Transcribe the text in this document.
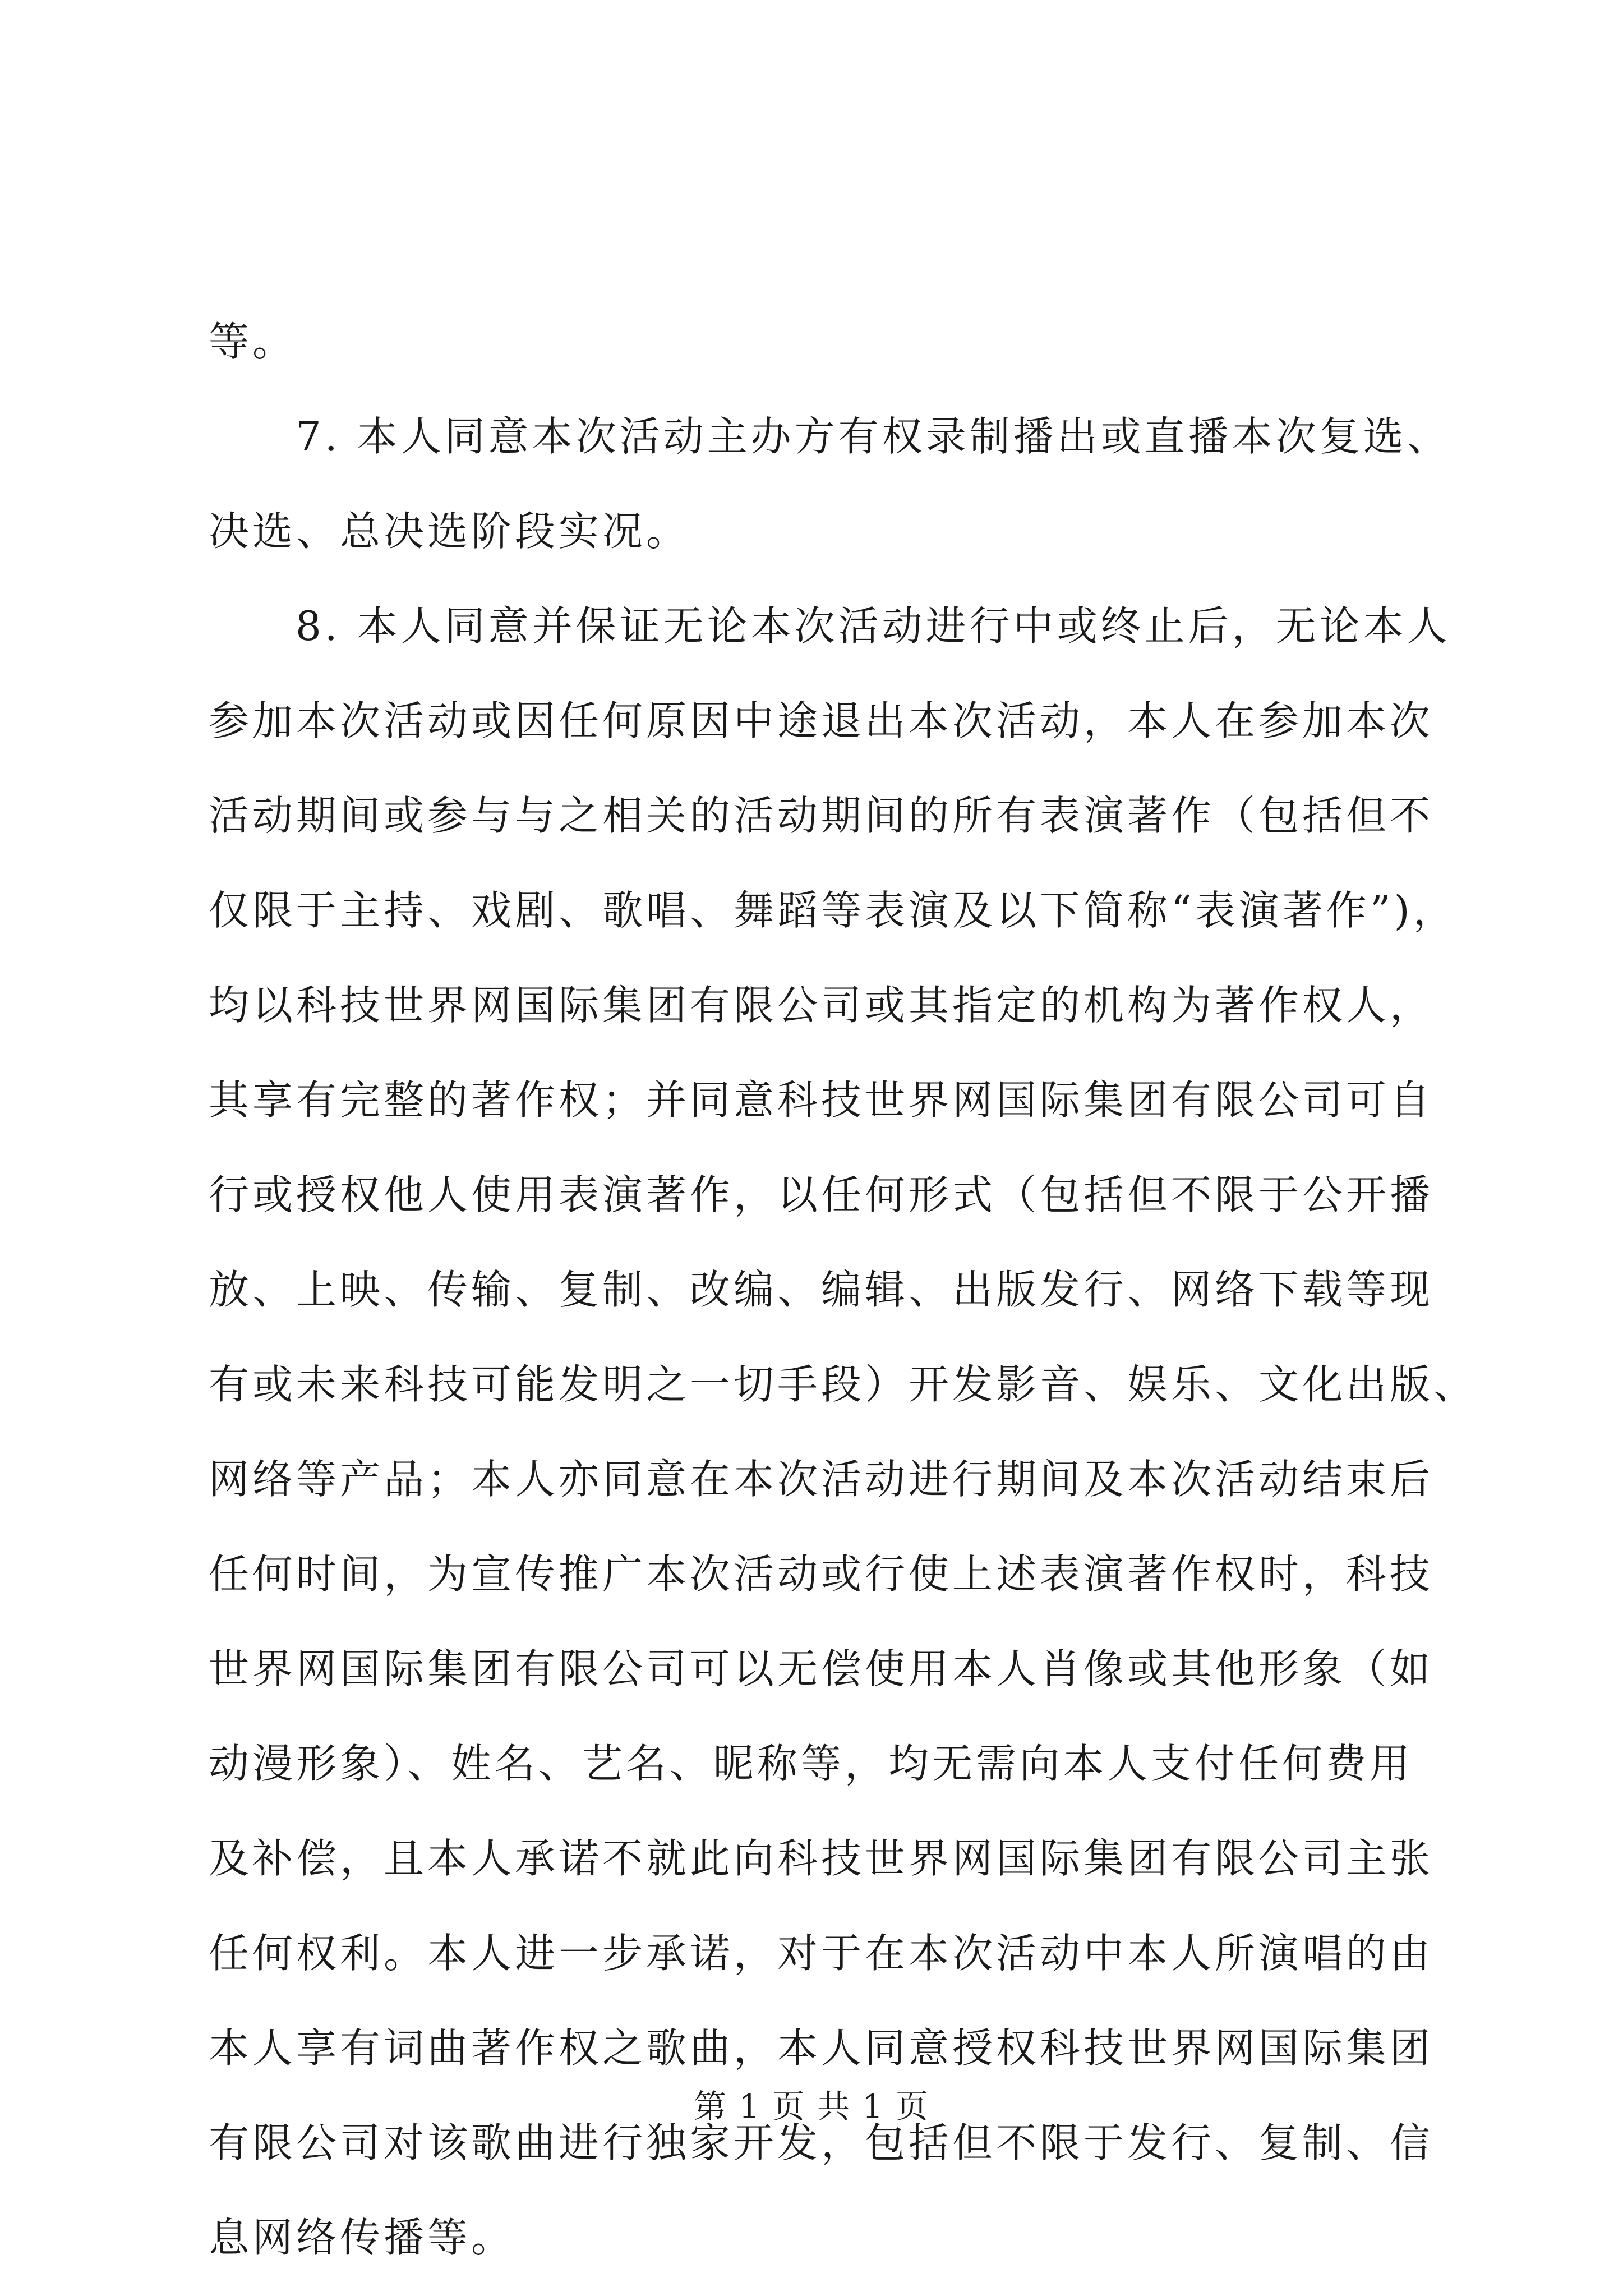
等。
7. 本人同意本次活动主办方有权录制播出或直播本次复选、
决选、总决选阶段实况。
8. 本人同意并保证无论本次活动进行中或终止后，无论本人
参加本次活动或因任何原因中途退出本次活动，本人在参加本次
活动期间或参与与之相关的活动期间的所有表演著作（包括但不
仅限于主持、戏剧、歌唱、舞蹈等表演及以下简称“表演著作”)，
均以科技世界网国际集团有限公司或其指定的机构为著作权人，
其享有完整的著作权；并同意科技世界网国际集团有限公司可自
行或授权他人使用表演著作，以任何形式（包括但不限于公开播
放、上映、传输、复制、改编、编辑、出版发行、网络下载等现
有或未来科技可能发明之一切手段）开发影音、娱乐、文化出版、
网络等产品；本人亦同意在本次活动进行期间及本次活动结束后
任何时间，为宣传推广本次活动或行使上述表演著作权时，科技
世界网国际集团有限公司可以无偿使用本人肖像或其他形象（如
动漫形象）、姓名、艺名、昵称等，均无需向本人支付任何费用
及补偿，且本人承诺不就此向科技世界网国际集团有限公司主张
任何权利。本人进一步承诺，对于在本次活动中本人所演唱的由
本人享有词曲著作权之歌曲，本人同意授权科技世界网国际集团
有限公司对该歌曲进行独家开发，包括但不限于发行、复制、信
息网络传播等。
第 1 页 共 1 页
